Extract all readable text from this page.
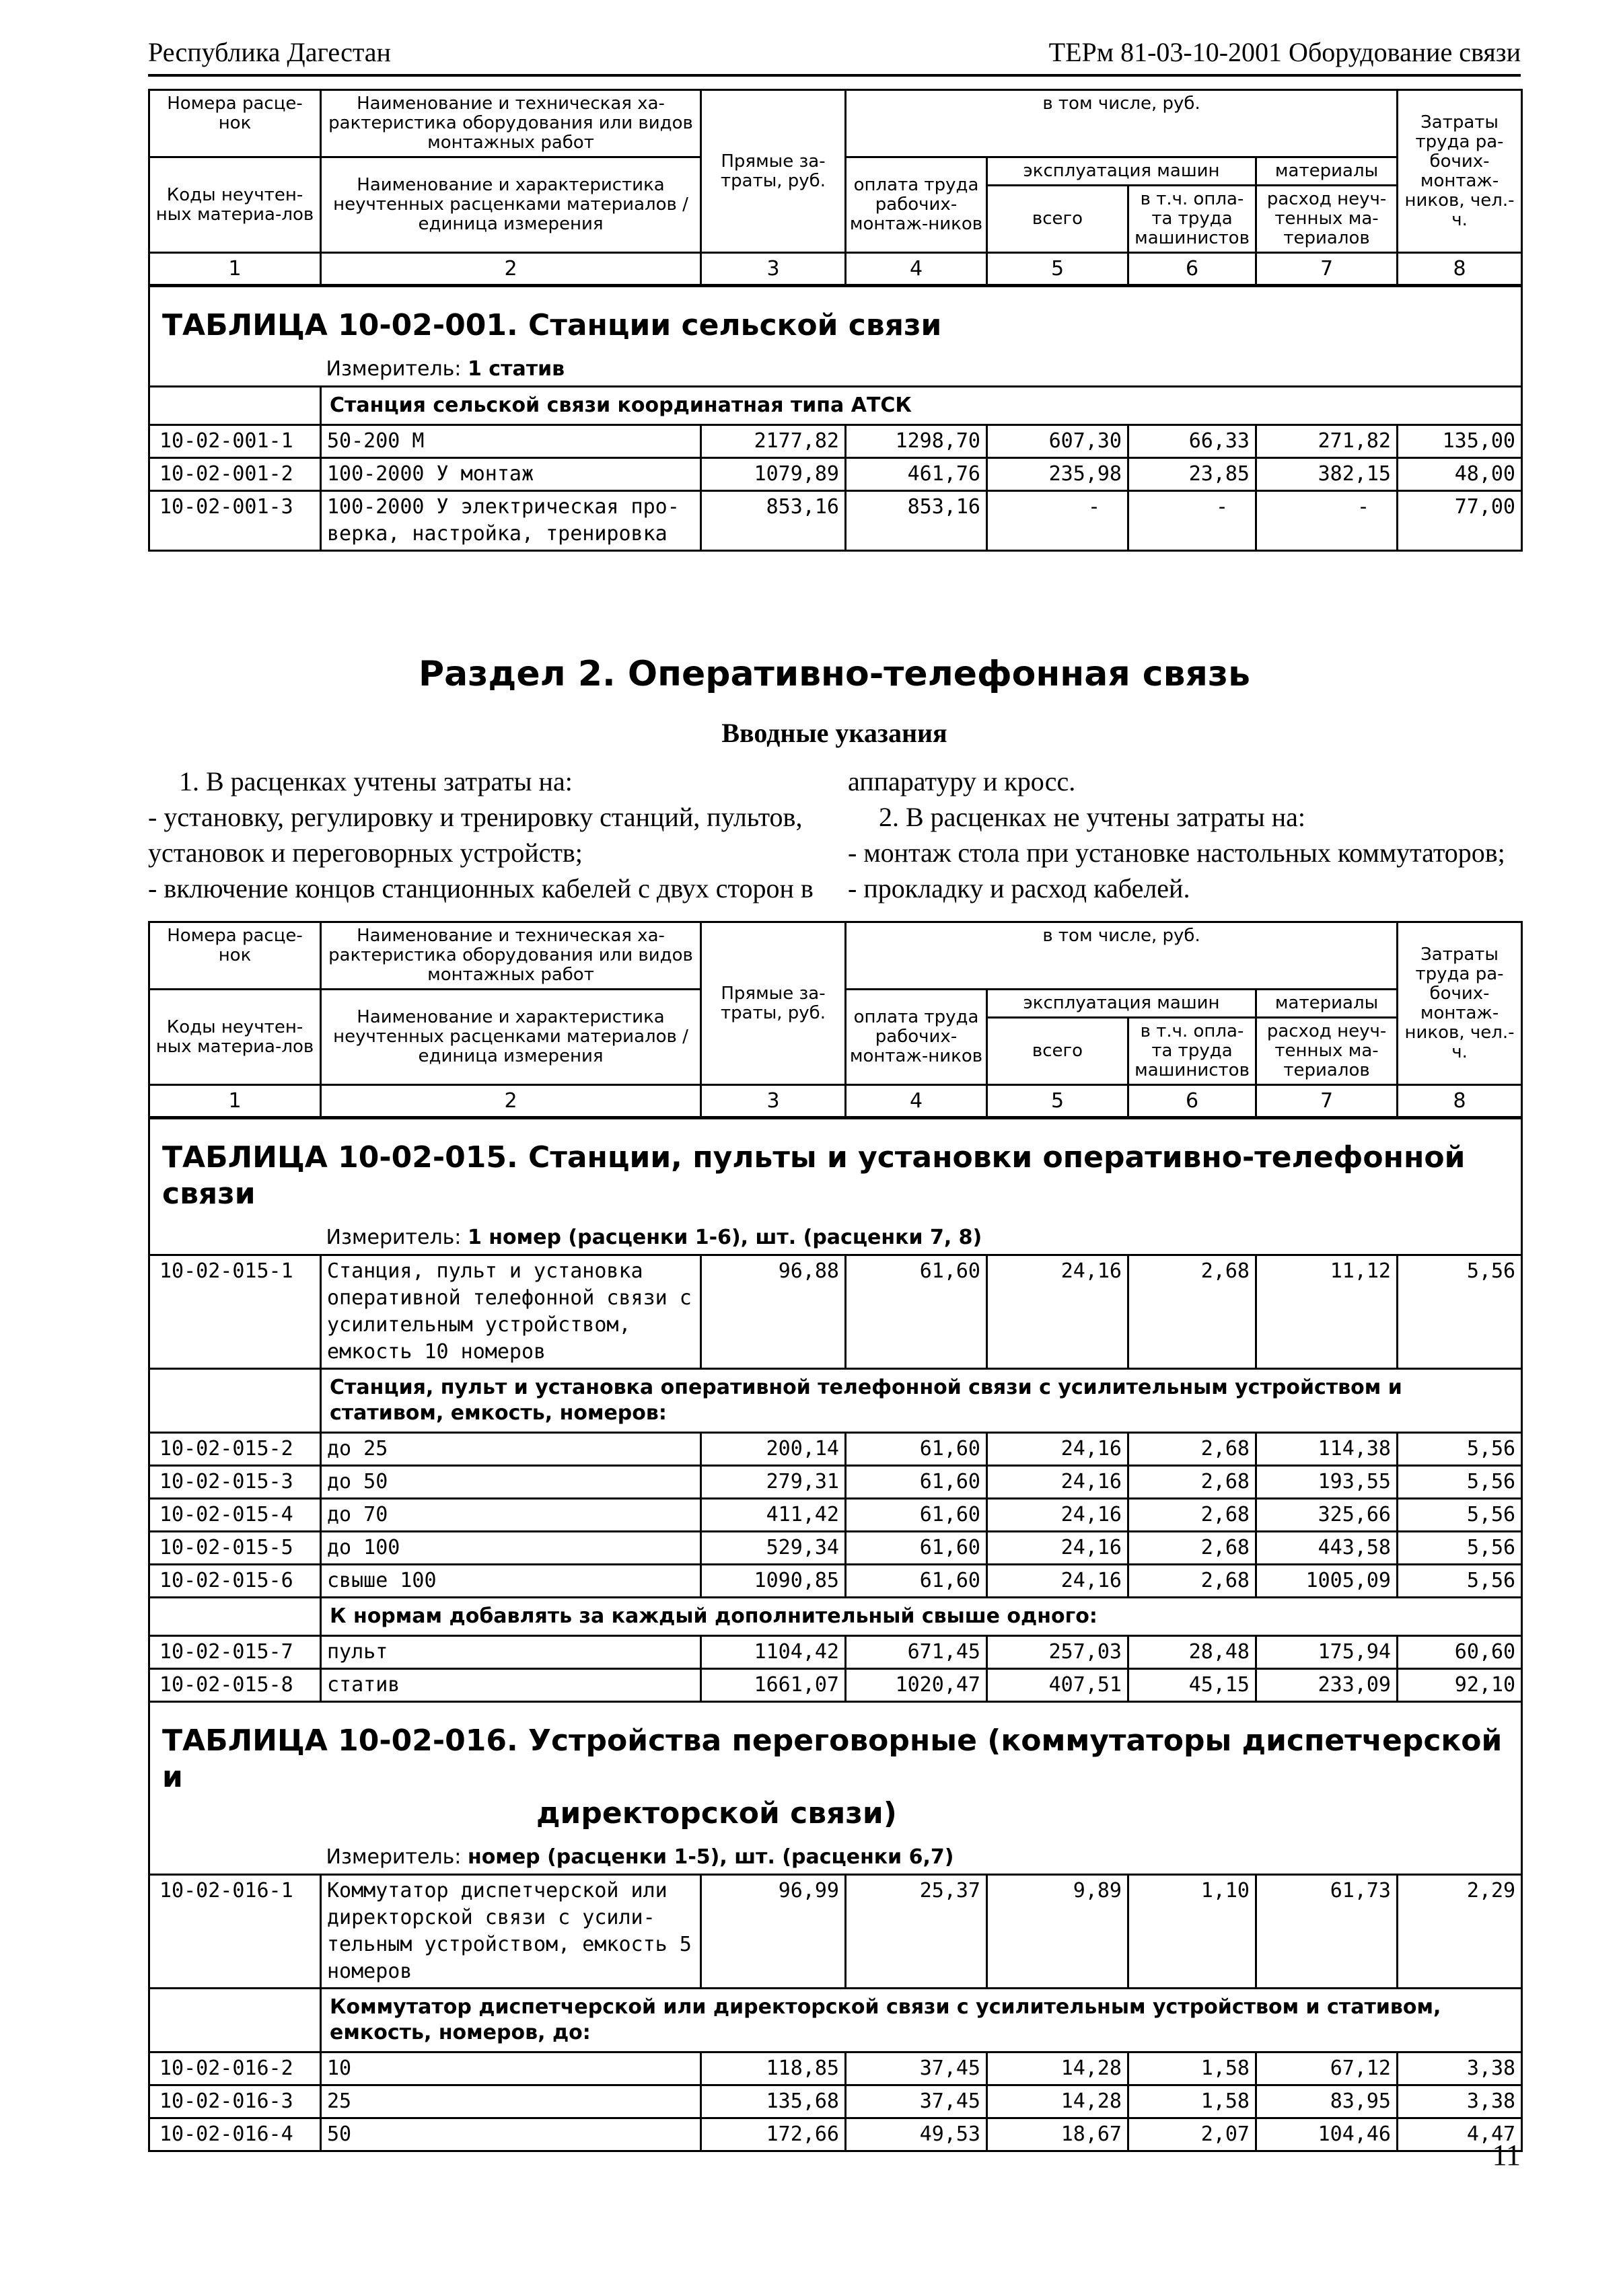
Республика Дагестан	ТЕРм 81-03-10-2001 Оборудование связи
Номера расце-нок	Наименование и техническая ха-рактеристика оборудования или видов монтажных работ	Прямые за-траты, руб.	в том числе, руб.				Затраты труда ра-бочих-монтаж-ников, чел.-ч.
Коды неучтен-ных материа-лов	Наименование и характеристика неучтенных расценками материалов / единица измерения		оплата труда рабочих-монтаж-ников	эксплуатация машин		материалы	
				всего	в т.ч. опла-та труда машинистов	расход неуч-тенных ма-териалов	
1	2	3	4	5	6	7	8
ТАБЛИЦА 10-02-001. Станции сельской связи							
	Измеритель: 1 статив						
	Станция сельской связи координатная типа АТСК						
10-02-001-1	50-200 М	2177,82	1298,70	607,30	66,33	271,82	135,00
10-02-001-2	100-2000 У монтаж	1079,89	461,76	235,98	23,85	382,15	48,00
10-02-001-3	100-2000 У электрическая про-верка, настройка, тренировка	853,16	853,16	-	-	-	77,00
Раздел 2. Оперативно-телефонная связь
Вводные указания

1. В расценках учтены затраты на:

- установку, регулировку и тренировку станций, пультов, установок и переговорных устройств;

- включение концов станционных кабелей с двух сторон в

аппаратуру и кросс.

2. В расценках не учтены затраты на:

- монтаж стола при установке настольных коммутаторов;

- прокладку и расход кабелей.

Номера расце-нок	Наименование и техническая ха-рактеристика оборудования или видов монтажных работ	Прямые за-траты, руб.	в том числе, руб.				Затраты труда ра-бочих-монтаж-ников, чел.-ч.
Коды неучтен-ных материа-лов	Наименование и характеристика неучтенных расценками материалов / единица измерения		оплата труда рабочих-монтаж-ников	эксплуатация машин		материалы	
				всего	в т.ч. опла-та труда машинистов	расход неуч-тенных ма-териалов	
1	2	3	4	5	6	7	8
ТАБЛИЦА 10-02-015. Станции, пульты и установки оперативно-телефонной связи							
	Измеритель: 1 номер (расценки 1-6), шт. (расценки 7, 8)						
10-02-015-1	Станция, пульт и установка оперативной телефонной связи с усилительным устройством, емкость 10 номеров	96,88	61,60	24,16	2,68	11,12	5,56
	Станция, пульт и установка оперативной телефонной связи с усилительным устройством и стативом, емкость, номеров:						
10-02-015-2	до 25	200,14	61,60	24,16	2,68	114,38	5,56
10-02-015-3	до 50	279,31	61,60	24,16	2,68	193,55	5,56
10-02-015-4	до 70	411,42	61,60	24,16	2,68	325,66	5,56
10-02-015-5	до 100	529,34	61,60	24,16	2,68	443,58	5,56
10-02-015-6	свыше 100	1090,85	61,60	24,16	2,68	1005,09	5,56
	К нормам добавлять за каждый дополнительный свыше одного:						
10-02-015-7	пульт	1104,42	671,45	257,03	28,48	175,94	60,60
10-02-015-8	статив	1661,07	1020,47	407,51	45,15	233,09	92,10
ТАБЛИЦА 10-02-016. Устройства переговорные (коммутаторы диспетчерской и
директорской связи)							

	Измеритель: номер (расценки 1-5), шт. (расценки 6,7)						
10-02-016-1	Коммутатор диспетчерской или директорской связи с усили-тельным устройством, емкость 5 номеров	96,99	25,37	9,89	1,10	61,73	2,29
	Коммутатор диспетчерской или директорской связи с усилительным устройством и стативом, емкость, номеров, до:						
10-02-016-2	10	118,85	37,45	14,28	1,58	67,12	3,38
10-02-016-3	25	135,68	37,45	14,28	1,58	83,95	3,38
10-02-016-4	50	172,66	49,53	18,67	2,07	104,46	4,47
11
